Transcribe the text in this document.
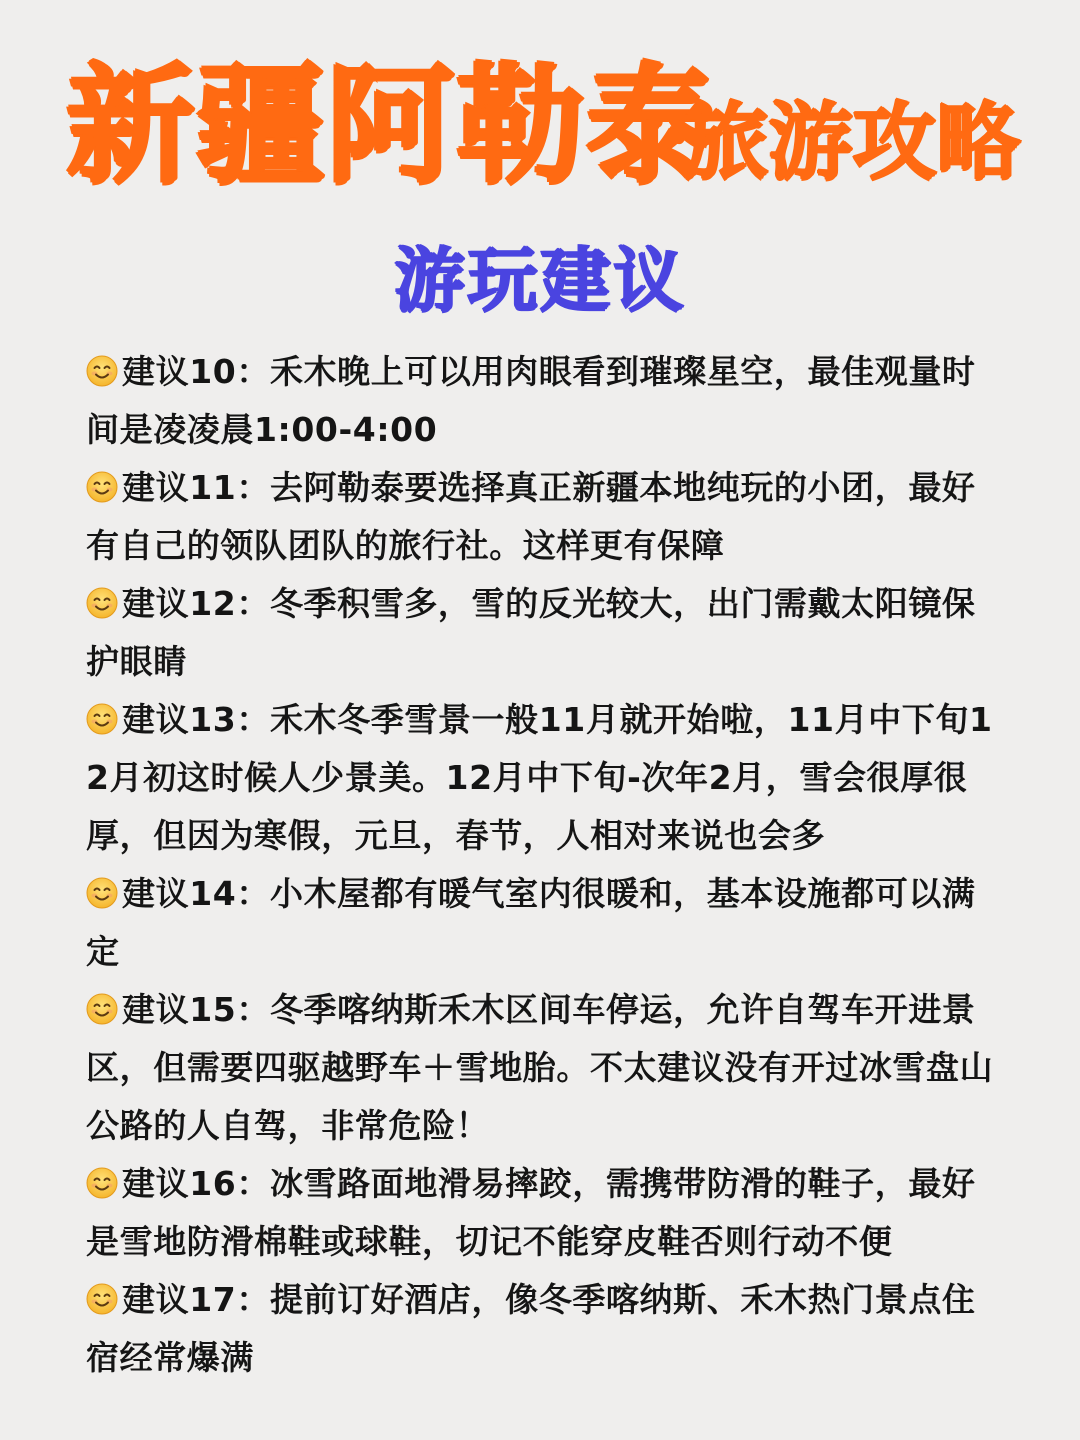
新疆阿勒泰
旅游攻略
游玩建议
建议10：禾木晚上可以用肉眼看到璀璨星空，最佳观量时间是凌凌晨1:00-4:00
建议11：去阿勒泰要选择真正新疆本地纯玩的小团，最好有自己的领队团队的旅行社。这样更有保障
建议12：冬季积雪多，雪的反光较大，出门需戴太阳镜保护眼睛
建议13：禾木冬季雪景一般11月就开始啦，11月中下旬12月初这时候人少景美。12月中下旬-次年2月，雪会很厚很厚，但因为寒假，元旦，春节，人相对来说也会多
建议14：小木屋都有暖气室内很暖和，基本设施都可以满定
建议15：冬季喀纳斯禾木区间车停运，允许自驾车开进景区，但需要四驱越野车＋雪地胎。不太建议没有开过冰雪盘山公路的人自驾，非常危险！
建议16：冰雪路面地滑易摔跤，需携带防滑的鞋子，最好是雪地防滑棉鞋或球鞋，切记不能穿皮鞋否则行动不便
建议17：提前订好酒店，像冬季喀纳斯、禾木热门景点住宿经常爆满
